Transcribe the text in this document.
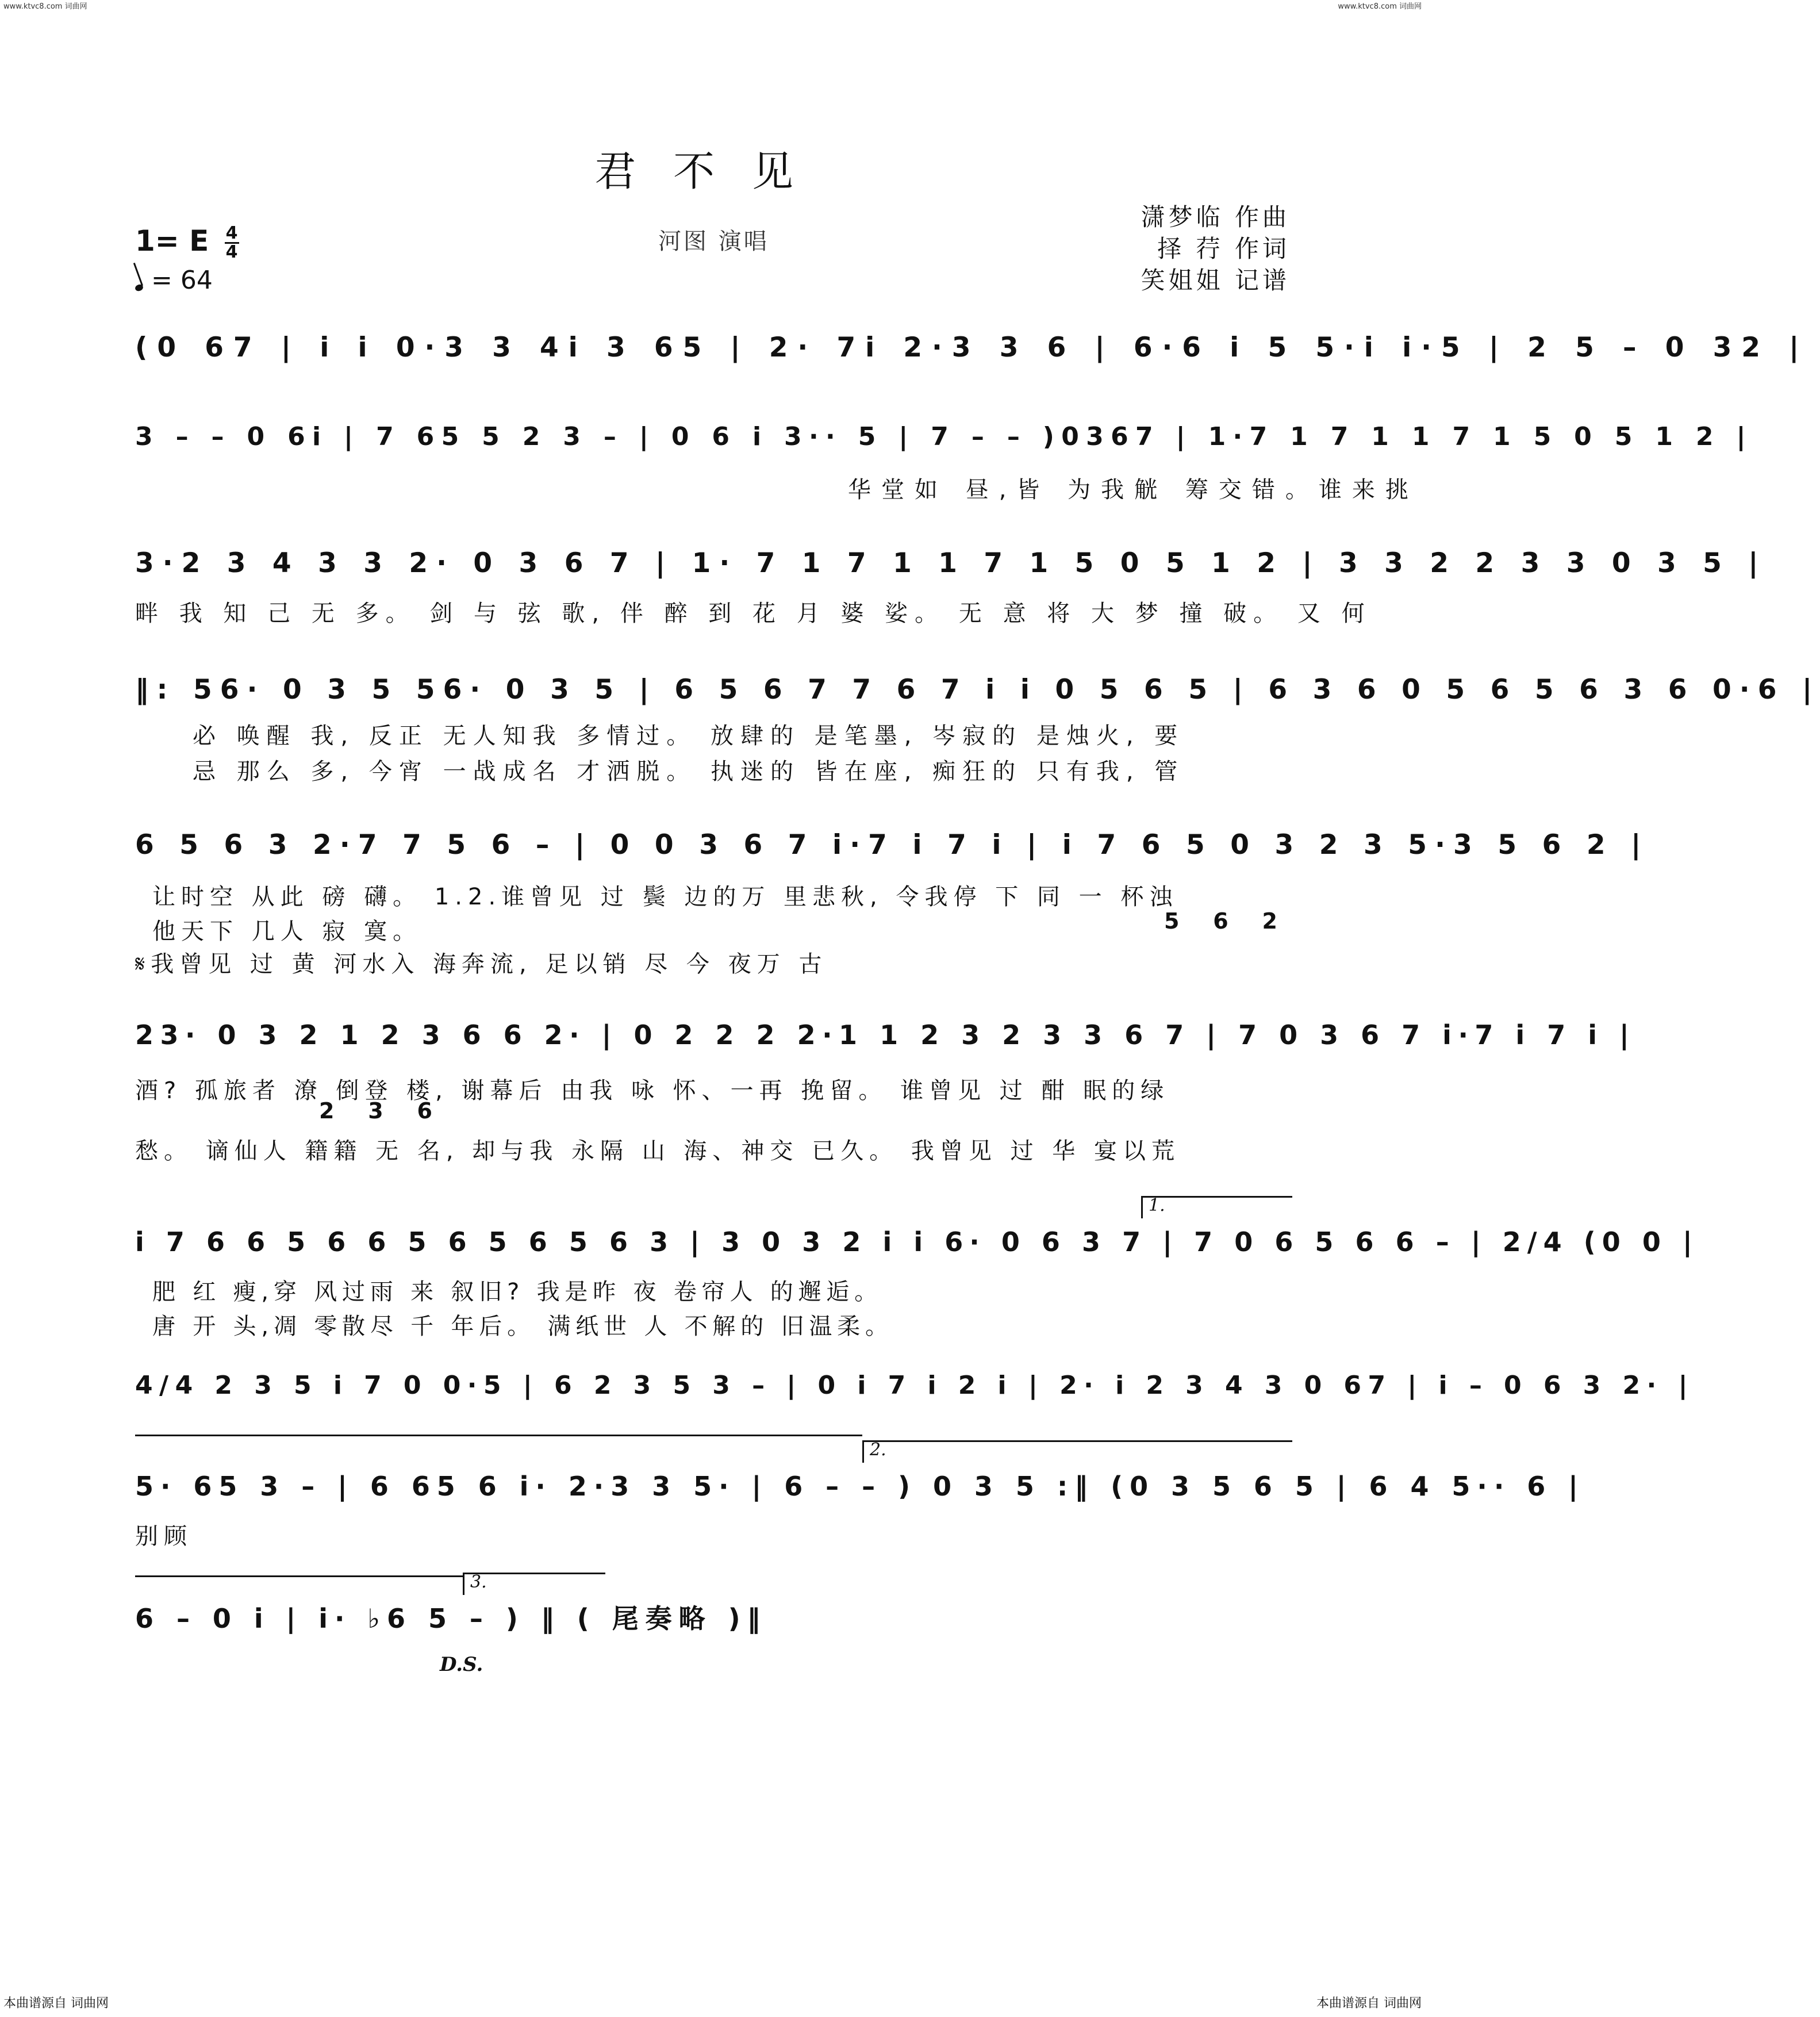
www.ktvc8.com 词曲网	www.ktvc8.com 词曲网
君不见
1= E $\frac{4}{4}$
= 64
河图 演唱
潇梦临 作曲
择 荇 作词
笑姐姐 记谱
(0 67 | i i 0·3 3 4i 3 65 | 2· 7i 2·3 3 6 | 6·6 i 5 5·i i·5 | 2 5 – 0 32 |
3 – – 0 6i | 7 65 5 2 3 – | 0 6 i 3·· 5 | 7 – – )0367 | 1·7 1 7 1 1 7 1 5 0 5 1 2 |
华堂如 昼,皆 为我觥 筹交错。谁来挑
3·2 3 4 3 3 2· 0 3 6 7 | 1· 7 1 7 1 1 7 1 5 0 5 1 2 | 3 3 2 2 3 3 0 3 5 |
畔 我 知 己 无 多。 剑 与 弦 歌, 伴 醉 到 花 月 婆 娑。 无 意 将 大 梦 撞 破。 又 何
‖: 56· 0 3 5 56· 0 3 5 | 6 5 6 7 7 6 7 i i 0 5 6 5 | 6 3 6 0 5 6 5 6 3 6 0·6 |
必 唤醒 我, 反正 无人知我 多情过。 放肆的 是笔墨, 岑寂的 是烛火, 要
忌 那么 多, 今宵 一战成名 才洒脱。 执迷的 皆在座, 痴狂的 只有我, 管
6 5 6 3 2·7 7 5 6 – | 0 0 3 6 7 i·7 i 7 i | i 7 6 5 0 3 2 3 5·3 5 6 2 |
让时空 从此 磅 礴。 1.2.谁曾见 过 鬓 边的万 里悲秋, 令我停 下 同 一 杯浊
他天下 几人 寂 寞。	5 6 2
𝄋我曾见 过 黄 河水入 海奔流, 足以销 尽 今 夜万 古
23· 0 3 2 1 2 3 6 6 2· | 0 2 2 2 2·1 1 2 3 2 3 3 6 7 | 7 0 3 6 7 i·7 i 7 i |
酒? 孤旅者 潦 倒登 楼, 谢幕后 由我 咏 怀、一再 挽留。 谁曾见 过 酣 眠的绿
2 3 6
愁。 谪仙人 籍籍 无 名, 却与我 永隔 山 海、神交 已久。 我曾见 过 华 宴以荒
1.
i 7 6 6 5 6 6 5 6 5 6 5 6 3 | 3 0 3 2 i i 6· 0 6 3 7 | 7 0 6 5 6 6 – | 2/4 (0 0 |
肥 红 瘦,穿 风过雨 来 叙旧? 我是昨 夜 卷帘人 的邂逅。
唐 开 头,凋 零散尽 千 年后。 满纸世 人 不解的 旧温柔。
4/4 2 3 5 i 7 0 0·5 | 6 2 3 5 3 – | 0 i 7 i 2 i | 2· i 2 3 4 3 0 67 | i – 0 6 3 2· |
2.
5· 65 3 – | 6 65 6 i· 2·3 3 5· | 6 – – ) 0 3 5 :‖ (0 3 5 6 5 | 6 4 5·· 6 |
别顾
3.
6 – 0 i | i· ♭6 5 – ) ‖ ( 尾奏略 )‖
D.S.
本曲谱源自 词曲网	本曲谱源自 词曲网
